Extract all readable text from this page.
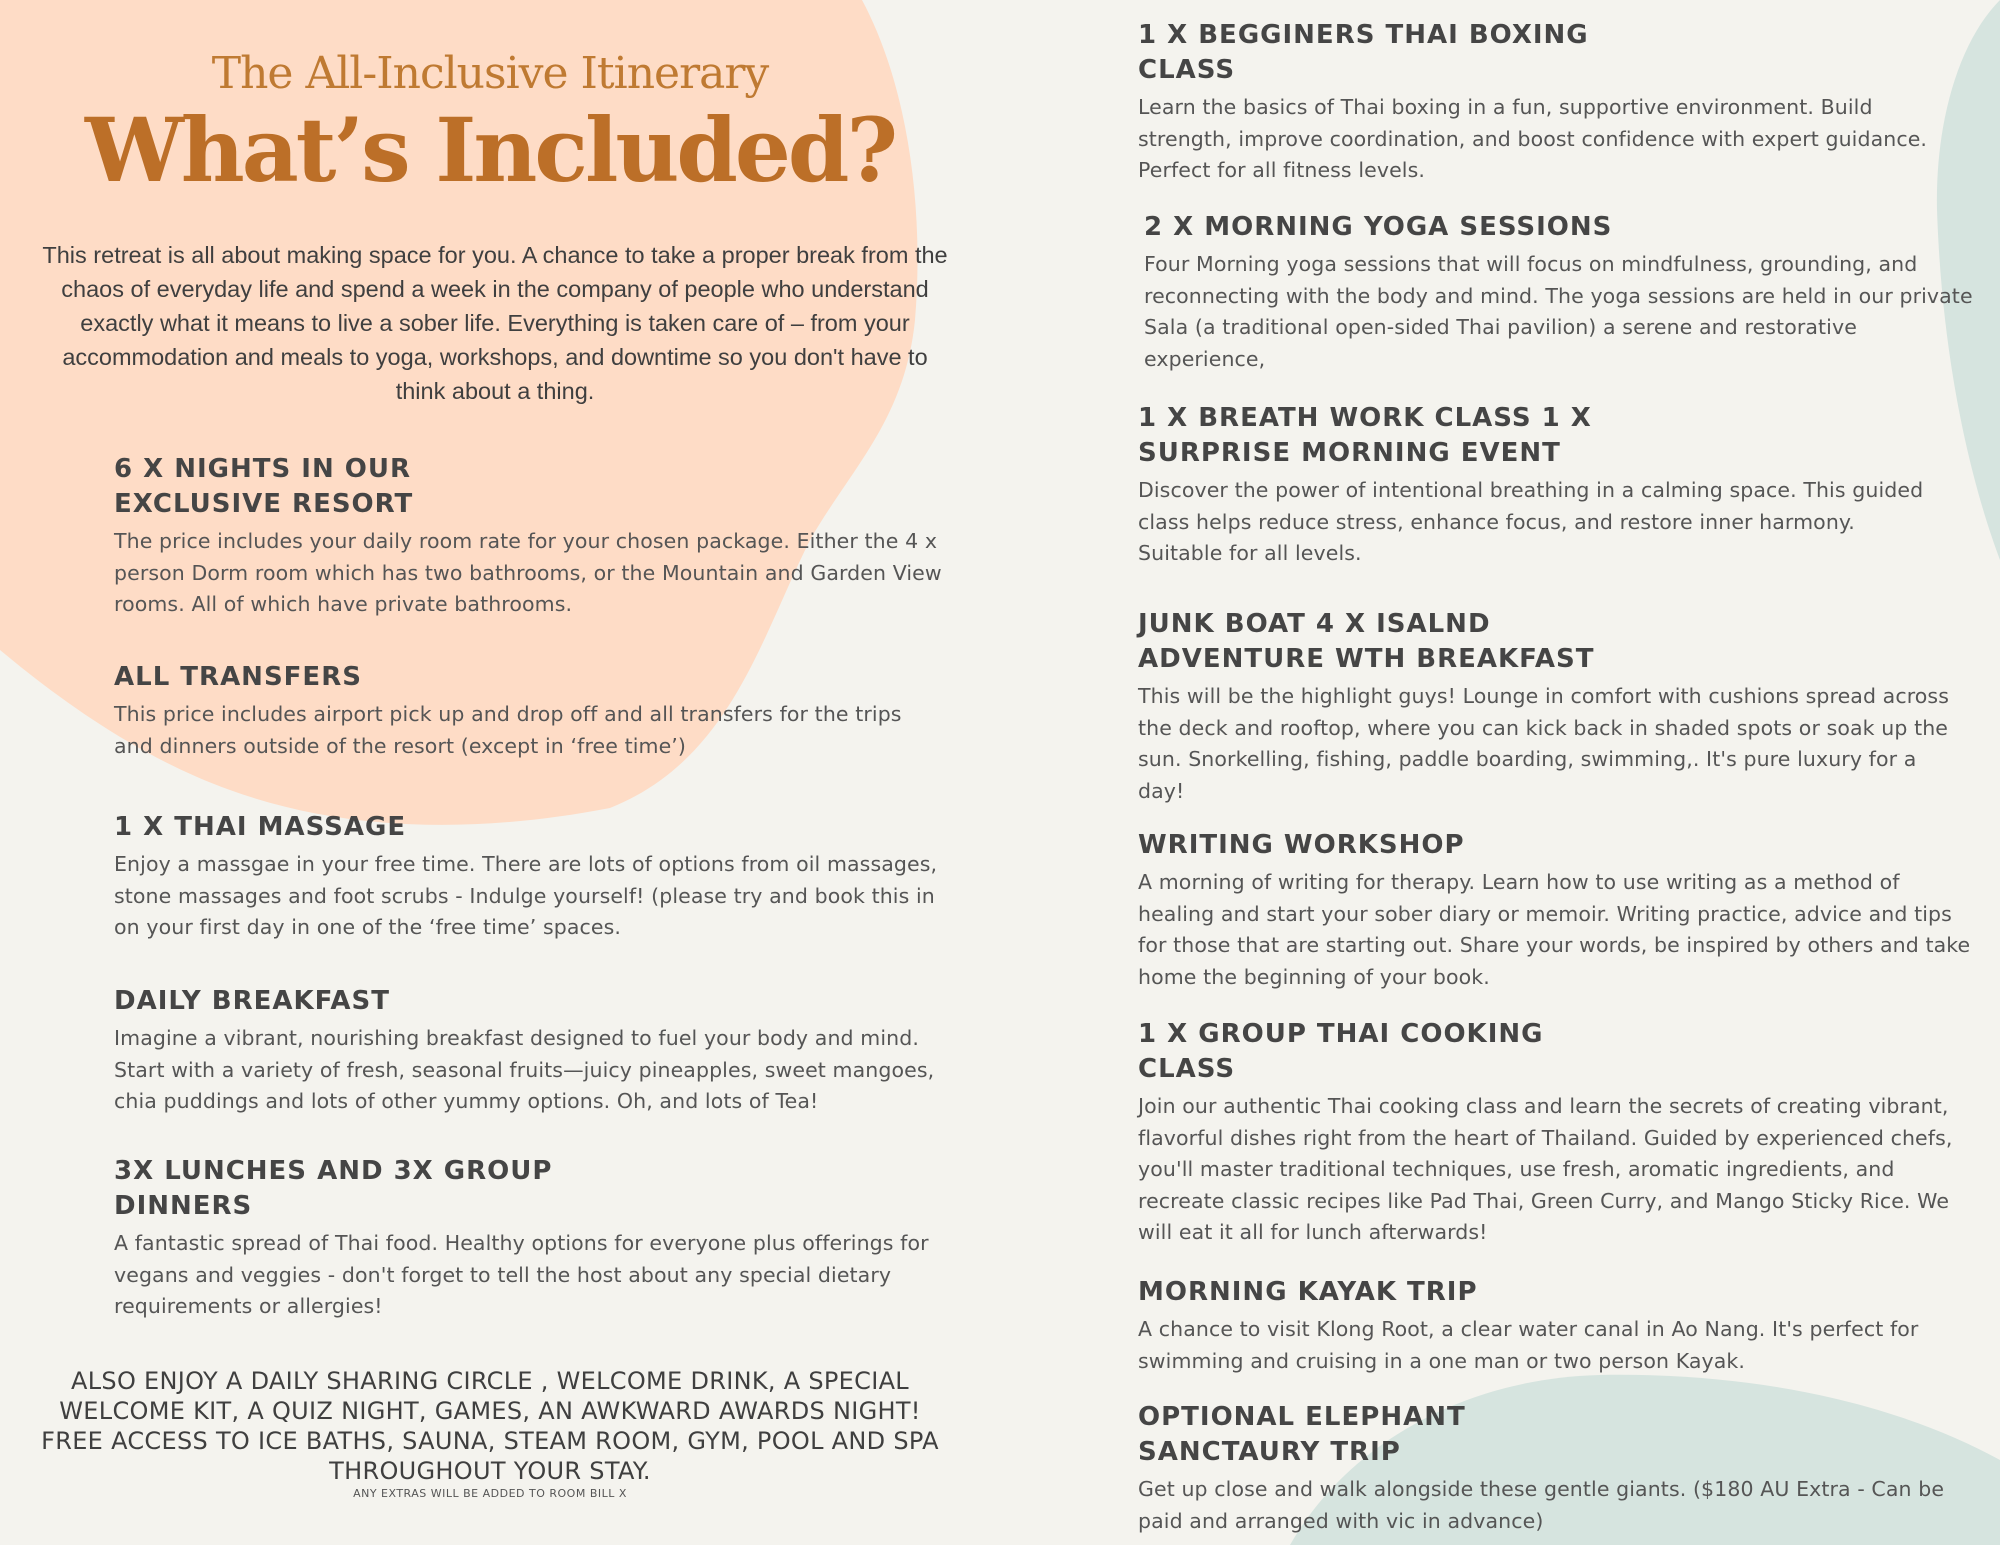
The All-Inclusive Itinerary
What’s Included?
This retreat is all about making space for you. A chance to take a proper break from the chaos of everyday life and spend a week in the company of people who understand exactly what it means to live a sober life. Everything is taken care of – from your accommodation and meals to yoga, workshops, and downtime so you don't have to think about a thing.
6 X NIGHTS IN OUR
EXCLUSIVE RESORT

The price includes your daily room rate for your chosen package. Either the 4 x person Dorm room which has two bathrooms, or the Mountain and Garden View rooms. All of which have private bathrooms.

ALL TRANSFERS

This price includes airport pick up and drop off and all transfers for the trips and dinners outside of the resort (except in ‘free time’)

1 X THAI MASSAGE

Enjoy a massgae in your free time. There are lots of options from oil massages, stone massages and foot scrubs - Indulge yourself! (please try and book this in on your first day in one of the ‘free time’ spaces.

DAILY BREAKFAST

Imagine a vibrant, nourishing breakfast designed to fuel your body and mind. Start with a variety of fresh, seasonal fruits—juicy pineapples, sweet mangoes, chia puddings and lots of other yummy options. Oh, and lots of Tea!

3X LUNCHES AND 3X GROUP
DINNERS

A fantastic spread of Thai food. Healthy options for everyone plus offerings for vegans and veggies - don't forget to tell the host about any special dietary requirements or allergies!

1 X BEGGINERS THAI BOXING
CLASS

Learn the basics of Thai boxing in a fun, supportive environment. Build strength, improve coordination, and boost confidence with expert guidance. Perfect for all fitness levels.

2 X MORNING YOGA SESSIONS

Four Morning yoga sessions that will focus on mindfulness, grounding, and reconnecting with the body and mind. The yoga sessions are held in our private Sala (a traditional open-sided Thai pavilion) a serene and restorative experience,

1 X BREATH WORK CLASS 1 X
SURPRISE MORNING EVENT

Discover the power of intentional breathing in a calming space. This guided class helps reduce stress, enhance focus, and restore inner harmony. Suitable for all levels.

JUNK BOAT 4 X ISALND
ADVENTURE WTH BREAKFAST

This will be the highlight guys! Lounge in comfort with cushions spread across the deck and rooftop, where you can kick back in shaded spots or soak up the sun. Snorkelling, fishing, paddle boarding, swimming,. It's pure luxury for a day!

WRITING WORKSHOP

A morning of writing for therapy. Learn how to use writing as a method of healing and start your sober diary or memoir. Writing practice, advice and tips for those that are starting out. Share your words, be inspired by others and take home the beginning of your book.

1 X GROUP THAI COOKING
CLASS

Join our authentic Thai cooking class and learn the secrets of creating vibrant, flavorful dishes right from the heart of Thailand. Guided by experienced chefs, you'll master traditional techniques, use fresh, aromatic ingredients, and recreate classic recipes like Pad Thai, Green Curry, and Mango Sticky Rice. We will eat it all for lunch afterwards!

MORNING KAYAK TRIP

A chance to visit Klong Root, a clear water canal in Ao Nang. It's perfect for swimming and cruising in a one man or two person Kayak.

OPTIONAL ELEPHANT
SANCTAURY TRIP

Get up close and walk alongside these gentle giants. ($180 AU Extra - Can be paid and arranged with vic in advance)

ALSO ENJOY A DAILY SHARING CIRCLE , WELCOME DRINK, A SPECIAL WELCOME KIT, A QUIZ NIGHT, GAMES, AN AWKWARD AWARDS NIGHT! FREE ACCESS TO ICE BATHS, SAUNA, STEAM ROOM, GYM, POOL AND SPA THROUGHOUT YOUR STAY.
ANY EXTRAS WILL BE ADDED TO ROOM BILL X
